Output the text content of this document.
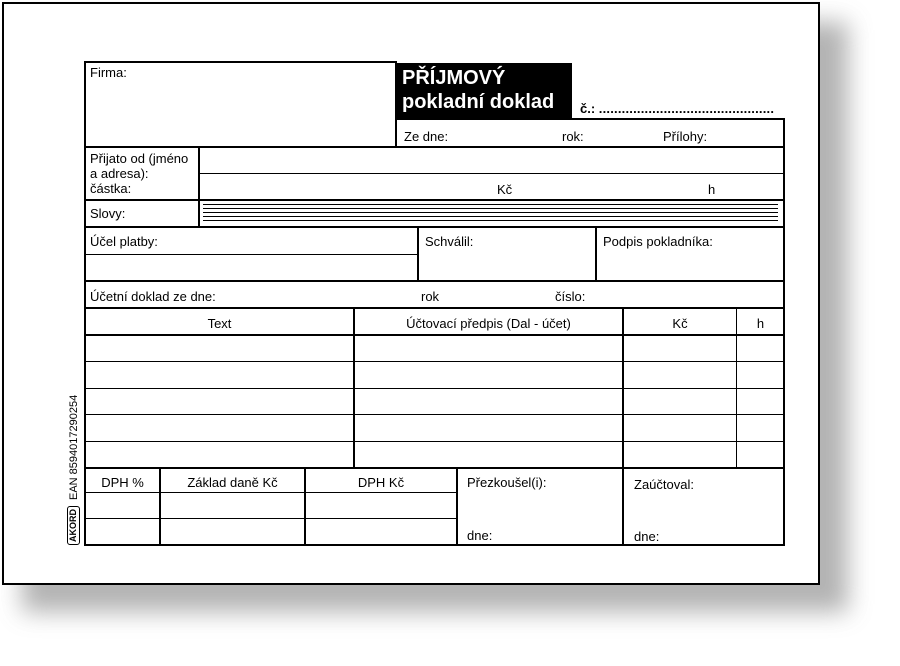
Firma:	PŘÍJMOVÝ
pokladní doklad	č.: ..............................................
Ze dne:	rok:	Přílohy:
Přijato od (jméno
a adresa):
částka:	Kč	h
Slovy:
Účel platby:	Schválil:	Podpis pokladníka:
Účetní doklad ze dne:	rok	číslo:
Text	Účtovací předpis (Dal - účet)	Kč	h
DPH %	Základ daně Kč	DPH Kč	Přezkoušel(i):
dne:
Zaúčtoval:
dne:
AKORD
EAN 8594017290254
